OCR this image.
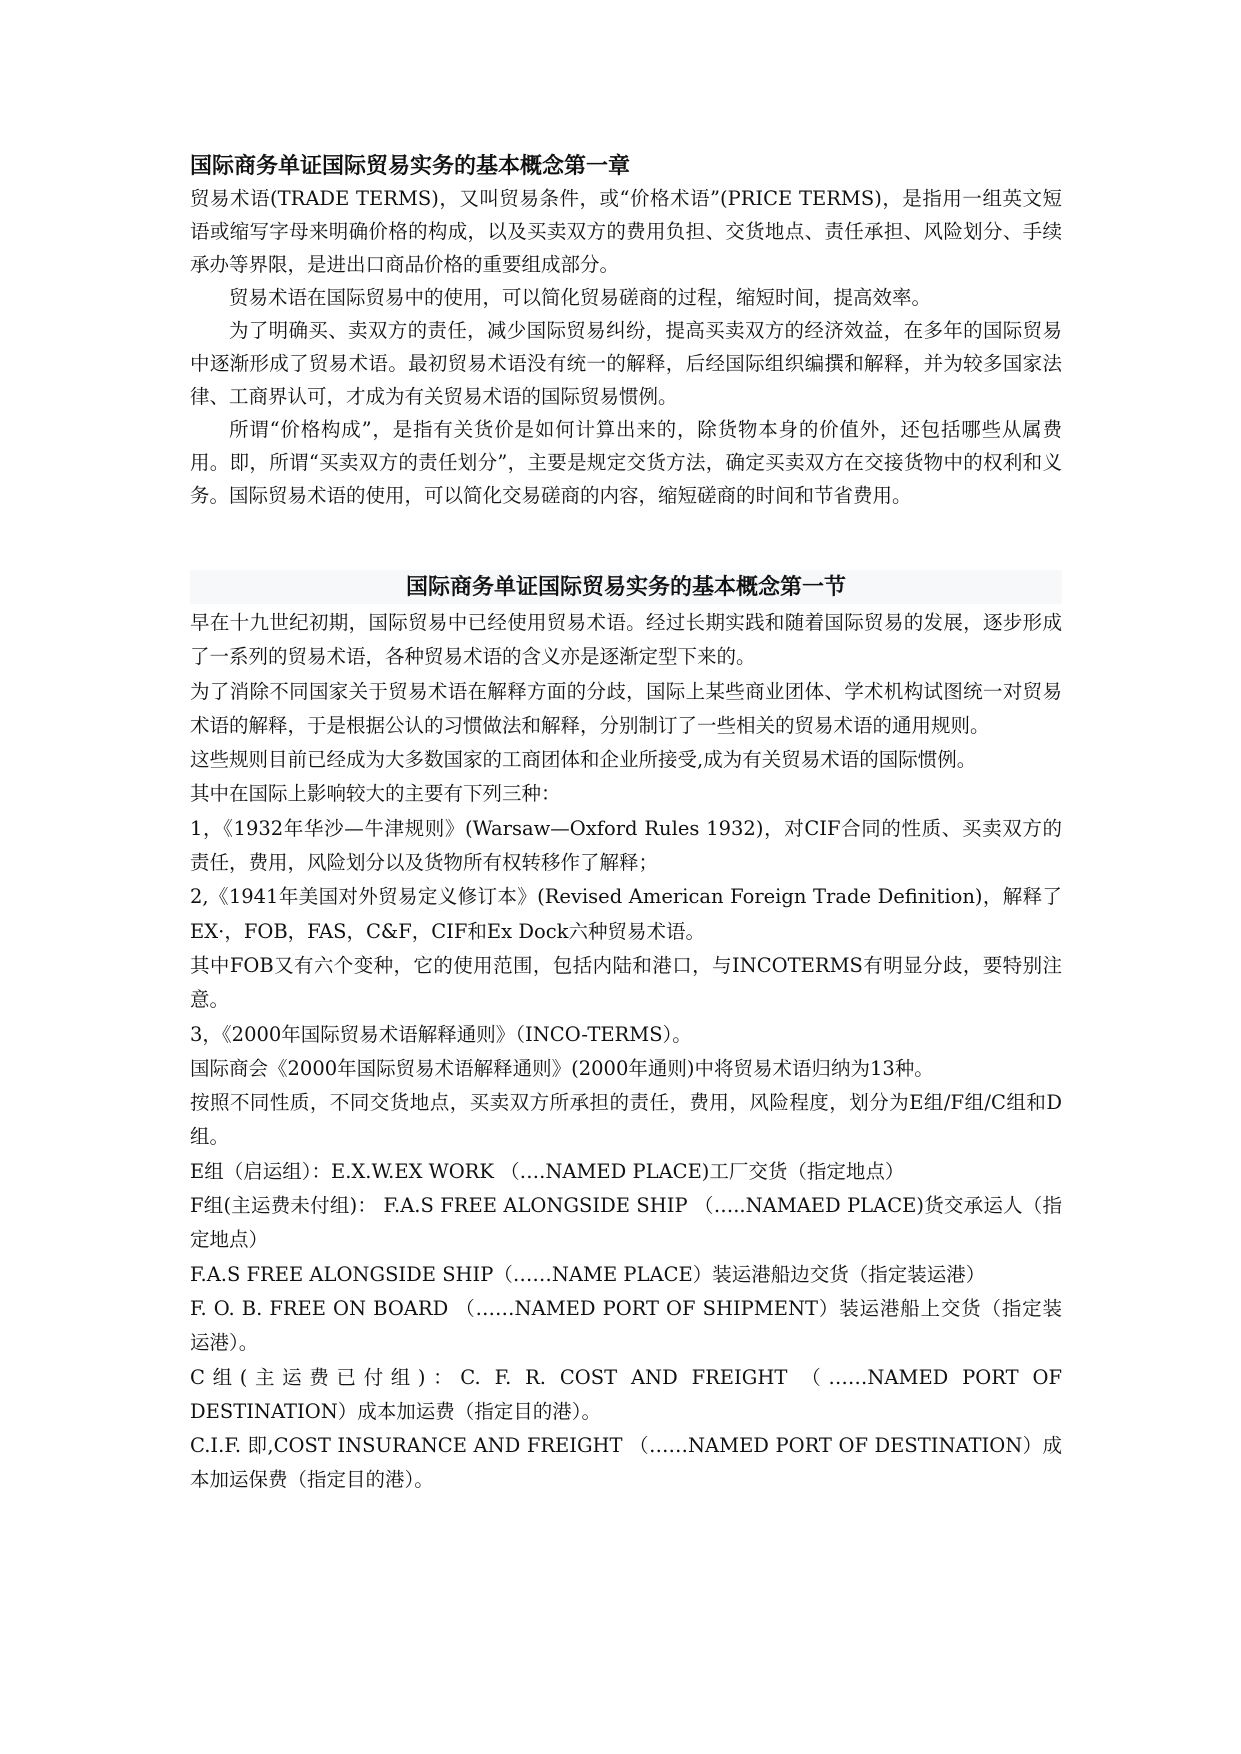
国际商务单证国际贸易实务的基本概念第一章

贸易术语(TRADE TERMS)，又叫贸易条件，或“价格术语”(PRICE TERMS)，是指用一组英文短语或缩写字母来明确价格的构成，以及买卖双方的费用负担、交货地点、责任承担、风险划分、手续承办等界限，是进出口商品价格的重要组成部分。

贸易术语在国际贸易中的使用，可以简化贸易磋商的过程，缩短时间，提高效率。

为了明确买、卖双方的责任，减少国际贸易纠纷，提高买卖双方的经济效益，在多年的国际贸易中逐渐形成了贸易术语。最初贸易术语没有统一的解释，后经国际组织编撰和解释，并为较多国家法律、工商界认可，才成为有关贸易术语的国际贸易惯例。

所谓“价格构成”，是指有关货价是如何计算出来的，除货物本身的价值外，还包括哪些从属费用。即，所谓“买卖双方的责任划分”，主要是规定交货方法，确定买卖双方在交接货物中的权利和义务。国际贸易术语的使用，可以简化交易磋商的内容，缩短磋商的时间和节省费用。

国际商务单证国际贸易实务的基本概念第一节

早在十九世纪初期，国际贸易中已经使用贸易术语。经过长期实践和随着国际贸易的发展，逐步形成了一系列的贸易术语，各种贸易术语的含义亦是逐渐定型下来的。

为了消除不同国家关于贸易术语在解释方面的分歧，国际上某些商业团体、学术机构试图统一对贸易术语的解释，于是根据公认的习惯做法和解释，分别制订了一些相关的贸易术语的通用规则。

这些规则目前已经成为大多数国家的工商团体和企业所接受,成为有关贸易术语的国际惯例。

其中在国际上影响较大的主要有下列三种：

1，《1932年华沙—牛津规则》(Warsaw—Oxford Rules 1932)，对CIF合同的性质、买卖双方的责任，费用，风险划分以及货物所有权转移作了解释；

2,《1941年美国对外贸易定义修订本》(Revised American Foreign Trade Definition)，解释了EX·，FOB，FAS，C&F，CIF和Ex Dock六种贸易术语。

其中FOB又有六个变种，它的使用范围，包括内陆和港口，与INCOTERMS有明显分歧，要特别注意。

3，《2000年国际贸易术语解释通则》（INCO-TERMS）。

国际商会《2000年国际贸易术语解释通则》(2000年通则)中将贸易术语归纳为13种。

按照不同性质，不同交货地点，买卖双方所承担的责任，费用，风险程度，划分为E组/F组/C组和D组。

E组（启运组）：E.X.W.EX WORK （….NAMED PLACE)工厂交货（指定地点）

F组(主运费未付组)： F.A.S FREE ALONGSIDE SHIP （…..NAMAED PLACE)货交承运人（指定地点）

F.A.S FREE ALONGSIDE SHIP（……NAME PLACE）装运港船边交货（指定装运港）

F. O. B. FREE ON BOARD （……NAMED PORT OF SHIPMENT）装运港船上交货（指定装运港）。

C组(主运费已付组)：C. F. R. COST AND FREIGHT （……NAMED PORT OF DESTINATION）成本加运费（指定目的港）。

C.I.F. 即,COST INSURANCE AND FREIGHT （……NAMED PORT OF DESTINATION）成本加运保费（指定目的港）。
